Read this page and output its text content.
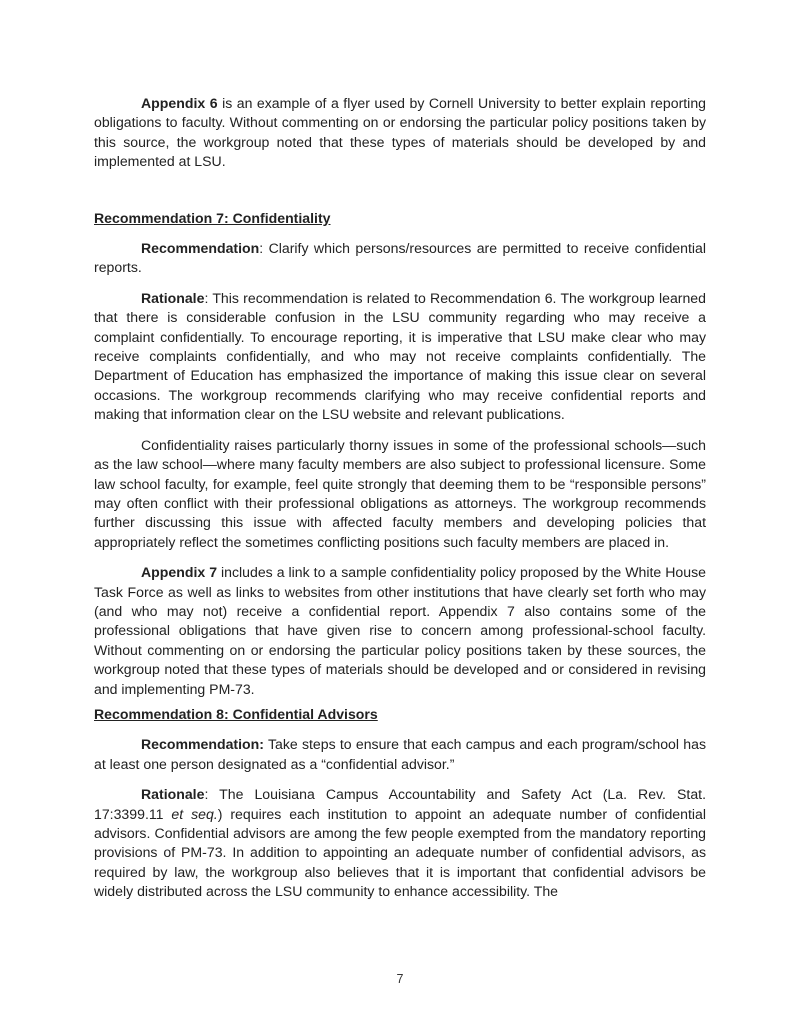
Appendix 6 is an example of a flyer used by Cornell University to better explain reporting obligations to faculty. Without commenting on or endorsing the particular policy positions taken by this source, the workgroup noted that these types of materials should be developed by and implemented at LSU.

Recommendation 7: Confidentiality

Recommendation: Clarify which persons/resources are permitted to receive confidential reports.

Rationale: This recommendation is related to Recommendation 6. The workgroup learned that there is considerable confusion in the LSU community regarding who may receive a complaint confidentially. To encourage reporting, it is imperative that LSU make clear who may receive complaints confidentially, and who may not receive complaints confidentially. The Department of Education has emphasized the importance of making this issue clear on several occasions. The workgroup recommends clarifying who may receive confidential reports and making that information clear on the LSU website and relevant publications.

Confidentiality raises particularly thorny issues in some of the professional schools—such as the law school—where many faculty members are also subject to professional licensure. Some law school faculty, for example, feel quite strongly that deeming them to be “responsible persons” may often conflict with their professional obligations as attorneys. The workgroup recommends further discussing this issue with affected faculty members and developing policies that appropriately reflect the sometimes conflicting positions such faculty members are placed in.

Appendix 7 includes a link to a sample confidentiality policy proposed by the White House Task Force as well as links to websites from other institutions that have clearly set forth who may (and who may not) receive a confidential report. Appendix 7 also contains some of the professional obligations that have given rise to concern among professional-school faculty. Without commenting on or endorsing the particular policy positions taken by these sources, the workgroup noted that these types of materials should be developed and or considered in revising and implementing PM-73.

Recommendation 8: Confidential Advisors

Recommendation: Take steps to ensure that each campus and each program/school has at least one person designated as a “confidential advisor.”

Rationale: The Louisiana Campus Accountability and Safety Act (La. Rev. Stat. 17:3399.11 et seq.) requires each institution to appoint an adequate number of confidential advisors. Confidential advisors are among the few people exempted from the mandatory reporting provisions of PM-73. In addition to appointing an adequate number of confidential advisors, as required by law, the workgroup also believes that it is important that confidential advisors be widely distributed across the LSU community to enhance accessibility. The

7
